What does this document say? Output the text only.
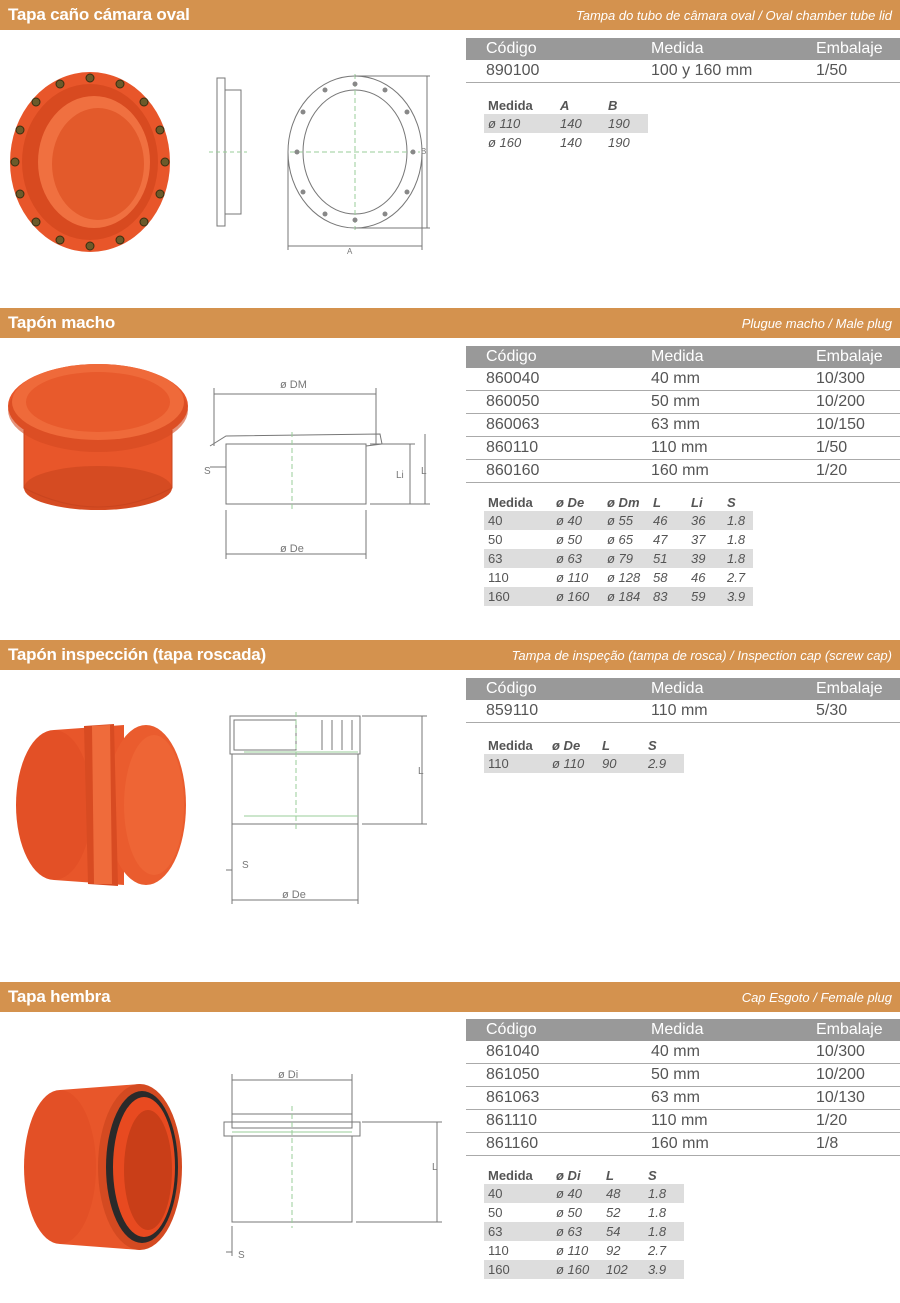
Tapa caño cámara oval	Tampa do tubo de câmara oval / Oval chamber tube lid
A
B
Código	Medida	Embalaje
890100	100 y 160 mm	1/50
Medida	A	B
ø 110	140	190
ø 160	140	190
Tapón macho	Plugue macho / Male plug
ø DM
S	Li L
ø De
Código	Medida	Embalaje
860040	40 mm	10/300
860050	50 mm	10/200
860063	63 mm	10/150
860110	110 mm	1/50
860160	160 mm	1/20
Medida	ø De	ø Dm	L	Li	S
40	ø 40	ø 55	46	36	1.8
50	ø 50	ø 65	47	37	1.8
63	ø 63	ø 79	51	39	1.8
110	ø 110	ø 128	58	46	2.7
160	ø 160	ø 184	83	59	3.9
Tapón inspección (tapa roscada)	Tampa de inspeção (tampa de rosca) / Inspection cap (screw cap)
L
S
ø De
Código	Medida	Embalaje
859110	110 mm	5/30
Medida	ø De	L	S
110	ø 110	90	2.9
Tapa hembra	Cap Esgoto / Female plug
ø Di
L
S
Código	Medida	Embalaje
861040	40 mm	10/300
861050	50 mm	10/200
861063	63 mm	10/130
861110	110 mm	1/20
861160	160 mm	1/8
Medida	ø Di	L	S
40	ø 40	48	1.8
50	ø 50	52	1.8
63	ø 63	54	1.8
110	ø 110	92	2.7
160	ø 160	102	3.9
